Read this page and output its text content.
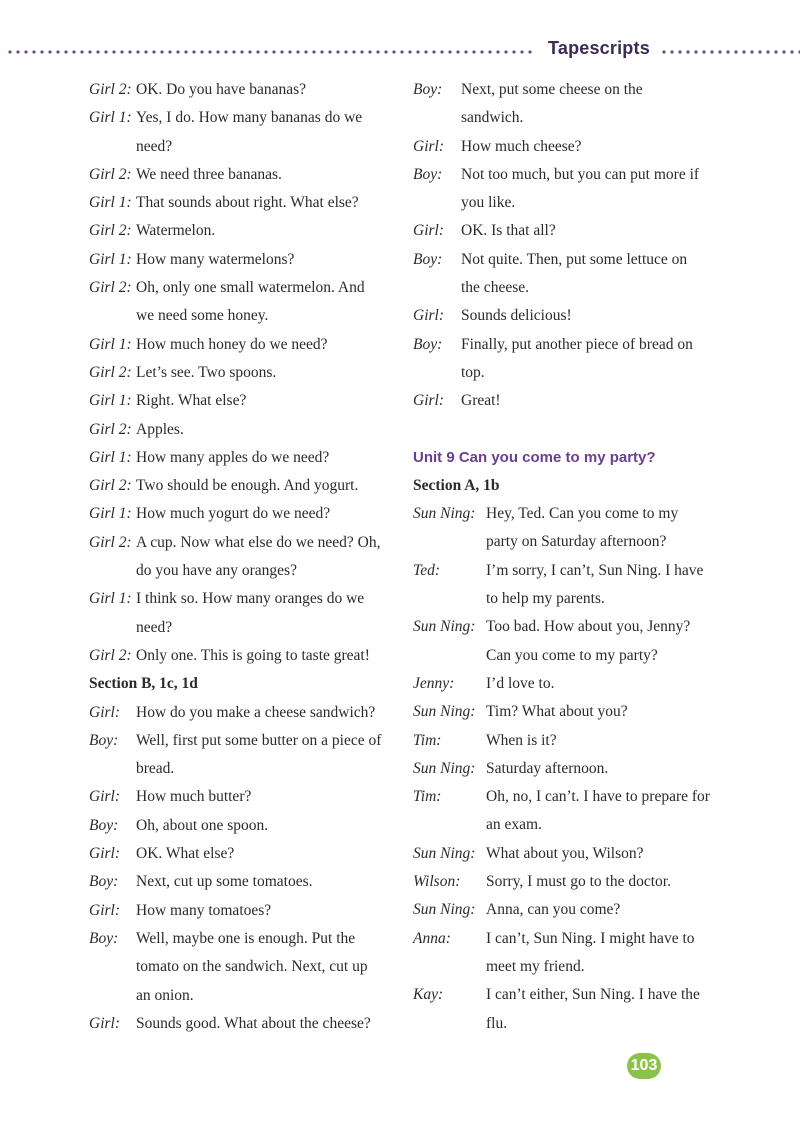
Tapescripts
Girl 2: OK. Do you have bananas?
Girl 1: Yes, I do. How many bananas do we
need?
Girl 2: We need three bananas.
Girl 1: That sounds about right. What else?
Girl 2: Watermelon.
Girl 1: How many watermelons?
Girl 2: Oh, only one small watermelon. And
we need some honey.
Girl 1: How much honey do we need?
Girl 2: Let’s see. Two spoons.
Girl 1: Right. What else?
Girl 2: Apples.
Girl 1: How many apples do we need?
Girl 2: Two should be enough. And yogurt.
Girl 1: How much yogurt do we need?
Girl 2: A cup. Now what else do we need? Oh,
do you have any oranges?
Girl 1: I think so. How many oranges do we
need?
Girl 2: Only one. This is going to taste great!
Section B, 1c, 1d
Girl:	How do you make a cheese sandwich?
Boy:	Well, first put some butter on a piece of
bread.
Girl:	How much butter?
Boy:	Oh, about one spoon.
Girl:	OK. What else?
Boy:	Next, cut up some tomatoes.
Girl:	How many tomatoes?
Boy:	Well, maybe one is enough. Put the
tomato on the sandwich. Next, cut up
an onion.
Girl:	Sounds good. What about the cheese?
Boy:	Next, put some cheese on the
sandwich.
Girl:	How much cheese?
Boy:	Not too much, but you can put more if
you like.
Girl:	OK. Is that all?
Boy:	Not quite. Then, put some lettuce on
the cheese.
Girl:	Sounds delicious!
Boy:	Finally, put another piece of bread on
top.
Girl:	Great!
Unit 9 Can you come to my party?
Section A, 1b
Sun Ning: Hey, Ted. Can you come to my
party on Saturday afternoon?
Ted:	I’m sorry, I can’t, Sun Ning. I have
to help my parents.
Sun Ning: Too bad. How about you, Jenny?
Can you come to my party?
Jenny:	I’d love to.
Sun Ning: Tim? What about you?
Tim:	When is it?
Sun Ning: Saturday afternoon.
Tim:	Oh, no, I can’t. I have to prepare for
an exam.
Sun Ning: What about you, Wilson?
Wilson:	Sorry, I must go to the doctor.
Sun Ning: Anna, can you come?
Anna:	I can’t, Sun Ning. I might have to
meet my friend.
Kay:	I can’t either, Sun Ning. I have the
flu.
103
